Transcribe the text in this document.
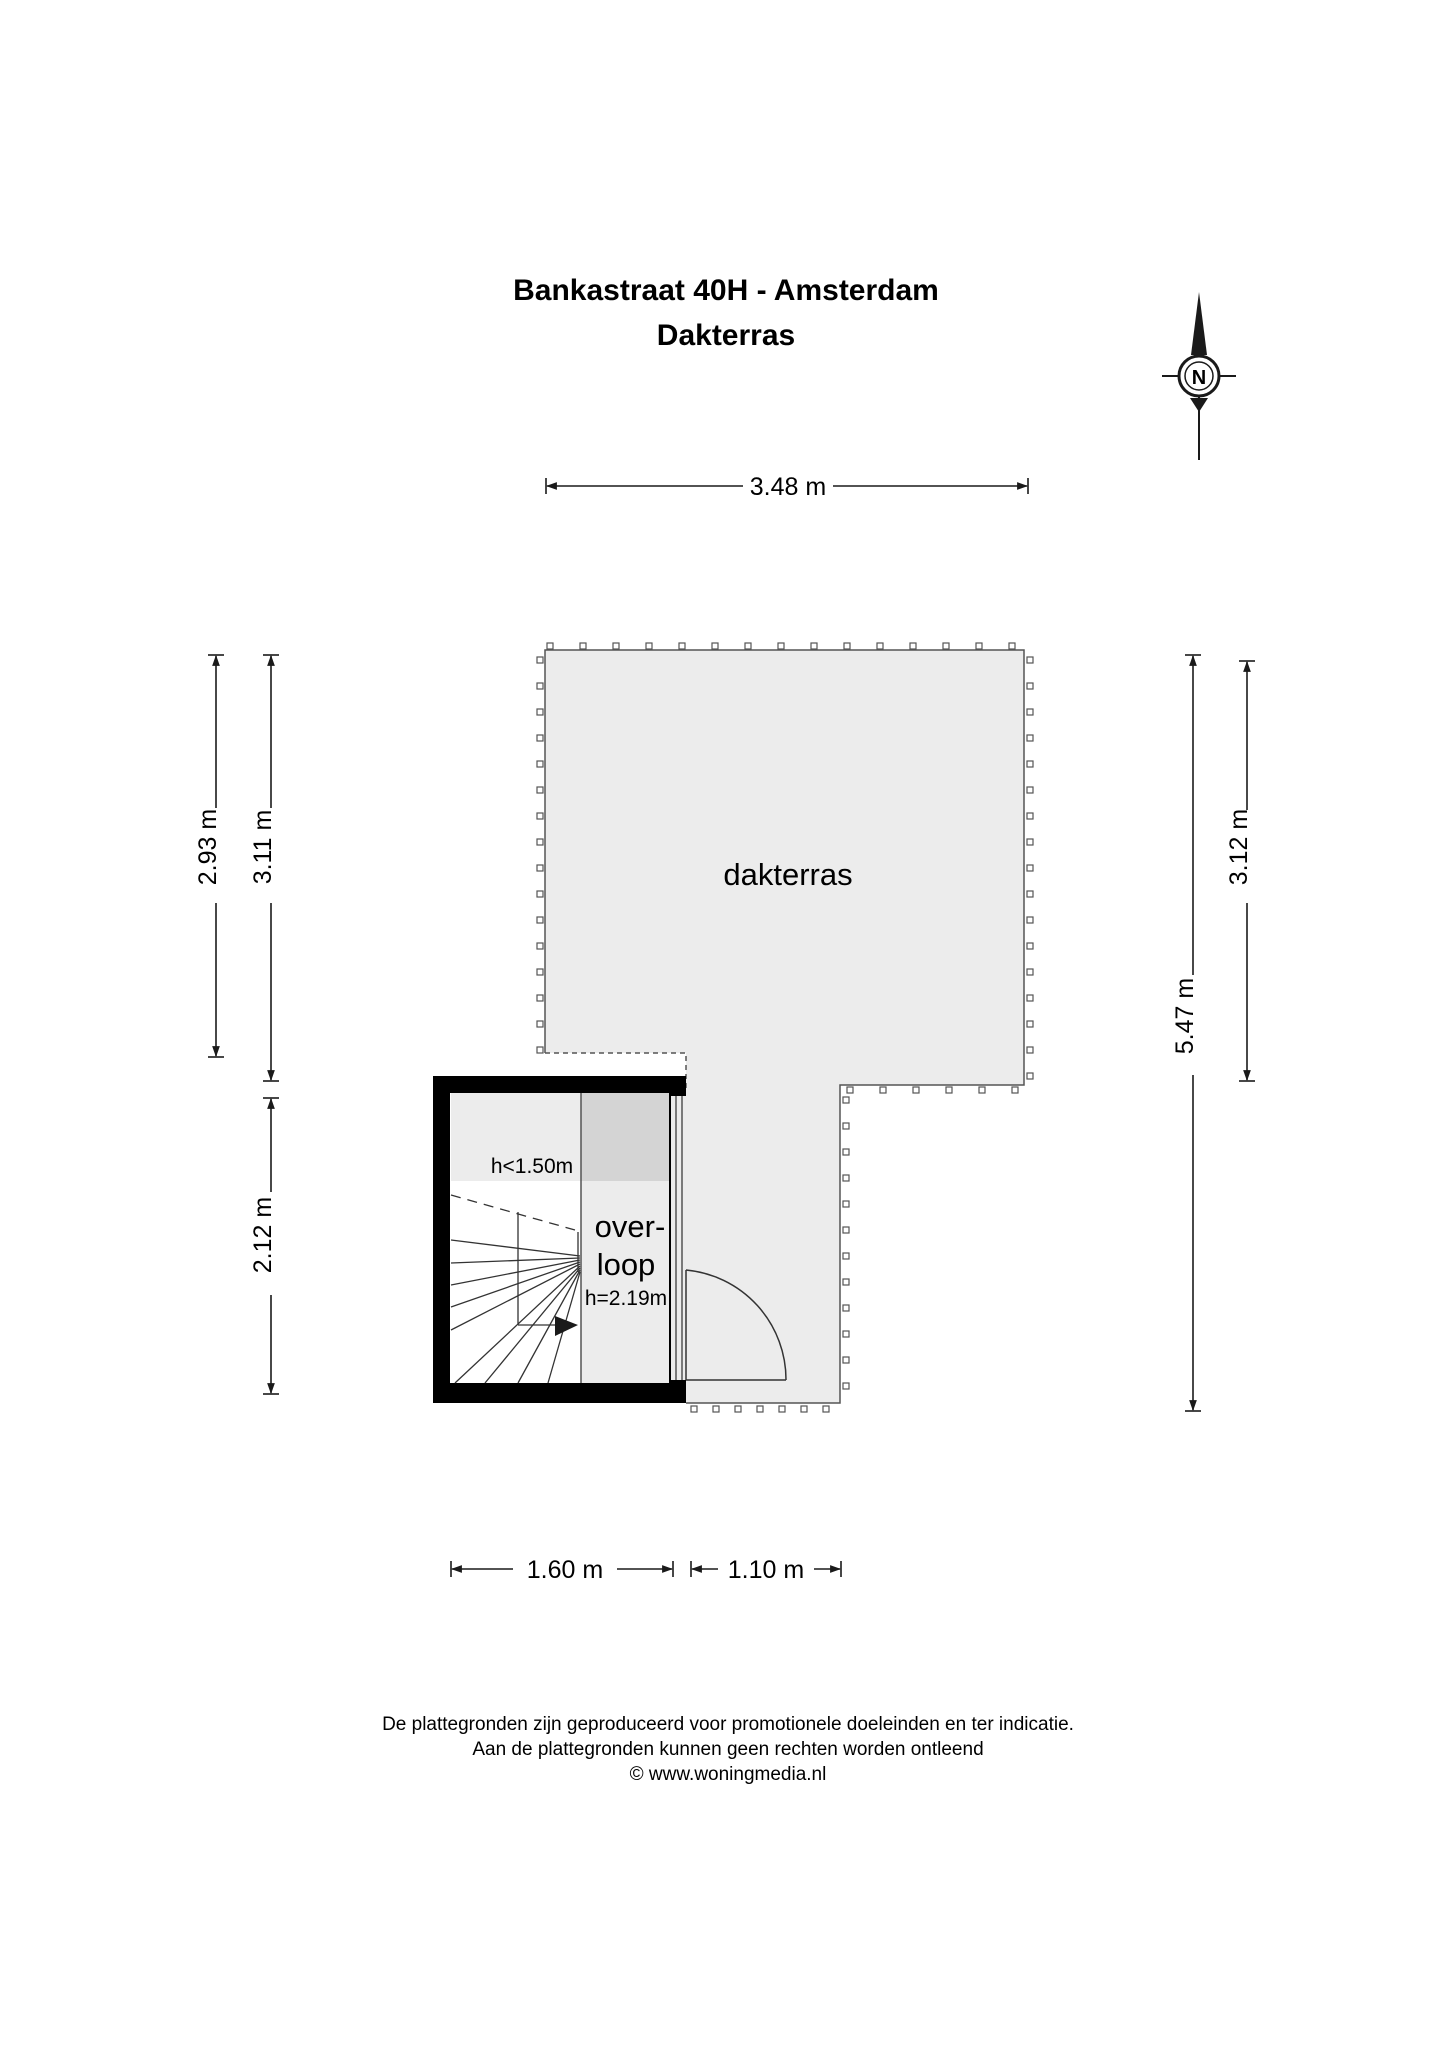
Bankastraat 40H - Amsterdam
Dakterras
N
dakterras
over-
loop
h=2.19m
h<1.50m
3.48 m
2.93 m 3.11 m
2.12 m
5.47 m
3.12 m
1.60 m	1.10 m
De plattegronden zijn geproduceerd voor promotionele doeleinden en ter indicatie.
Aan de plattegronden kunnen geen rechten worden ontleend
© www.woningmedia.nl
